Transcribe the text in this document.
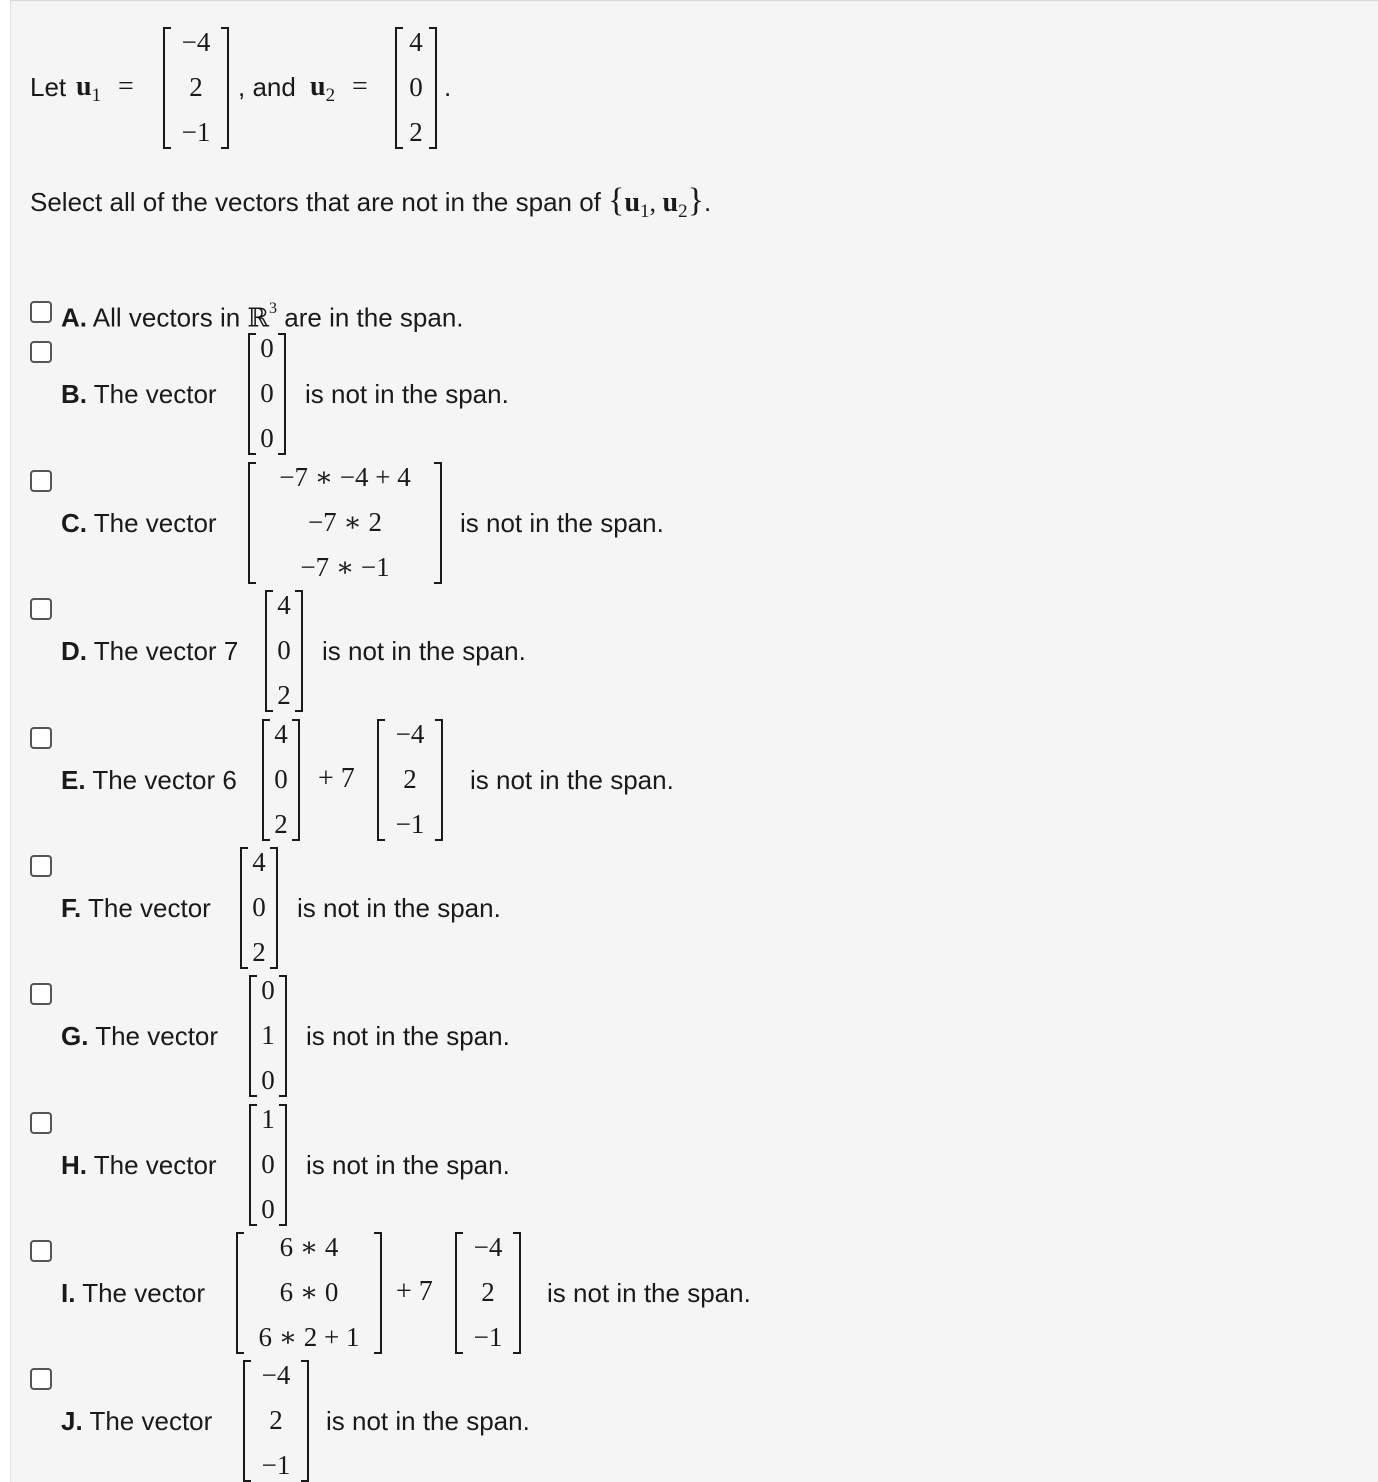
Let $u_1$ =
−4
2
−1
, and $u_2$ =
4
0
2
.
Select all of the vectors that are not in the span of {$u_1$, $u_2$}.
A. All vectors in ℝ$^3$ are in the span.
B. The vector
0
0
0
is not in the span.
C. The vector
−7 ∗ −4 + 4
−7 ∗ 2
−7 ∗ −1
is not in the span.
D. The vector 7
4
0
2
is not in the span.
E. The vector 6
4
0
2
+ 7
−4
2
−1
is not in the span.
F. The vector
4
0
2
is not in the span.
G. The vector
0
1
0
is not in the span.
H. The vector
1
0
0
is not in the span.
I. The vector
6 ∗ 4
6 ∗ 0
6 ∗ 2 + 1
+ 7
−4
2
−1
is not in the span.
J. The vector
−4
2
−1
is not in the span.
